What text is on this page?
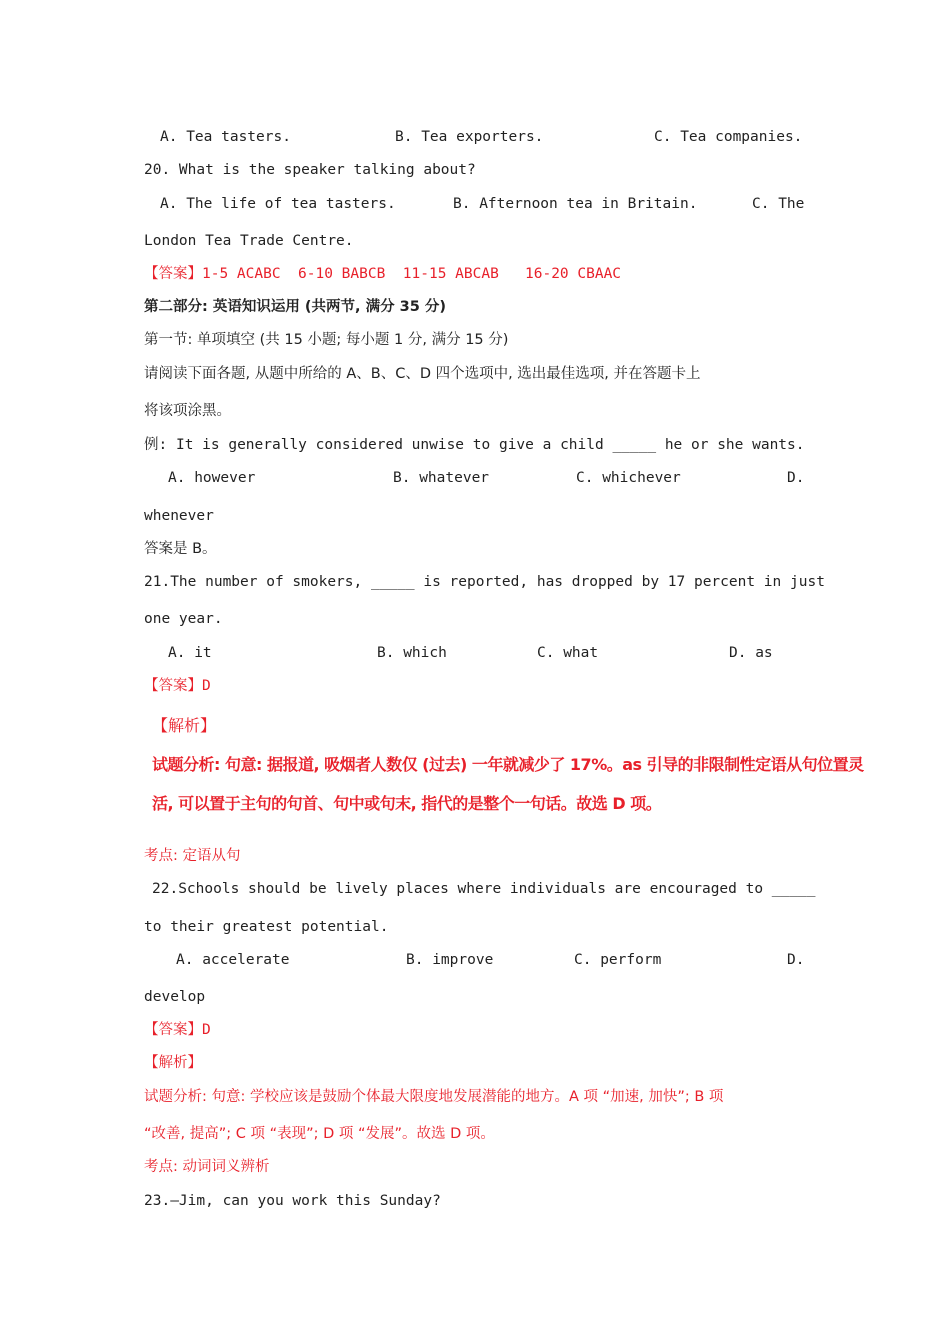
A. Tea tasters.	B. Tea exporters.	C. Tea companies.
20. What is the speaker talking about?
A. The life of tea tasters.	B. Afternoon tea in Britain.	C. The
London Tea Trade Centre.
【答案】1-5 ACABC  6-10 BABCB  11-15 ABCAB   16-20 CBAAC
第二部分: 英语知识运用 (共两节, 满分 35 分)
第一节: 单项填空 (共 15 小题; 每小题 1 分, 满分 15 分)
请阅读下面各题, 从题中所给的 A、B、C、D 四个选项中, 选出最佳选项, 并在答题卡上
将该项涂黑。
例: It is generally considered unwise to give a child _____ he or she wants.
A. however	B. whatever	C. whichever	D.
whenever
答案是 B。
21.The number of smokers, _____ is reported, has dropped by 17 percent in just
one year.
A. it	B. which	C. what	D. as
【答案】D
【解析】
试题分析: 句意: 据报道, 吸烟者人数仅 (过去) 一年就减少了 17%。as 引导的非限制性定语从句位置灵
活, 可以置于主句的句首、句中或句末, 指代的是整个一句话。故选 D 项。
考点: 定语从句
22.Schools should be lively places where individuals are encouraged to _____
to their greatest potential.
A. accelerate	B. improve	C. perform	D.
develop
【答案】D
【解析】
试题分析: 句意: 学校应该是鼓励个体最大限度地发展潜能的地方。A 项 “加速, 加快”; B 项
“改善, 提高”; C 项 “表现”; D 项 “发展”。故选 D 项。
考点: 动词词义辨析
23.—Jim, can you work this Sunday?
